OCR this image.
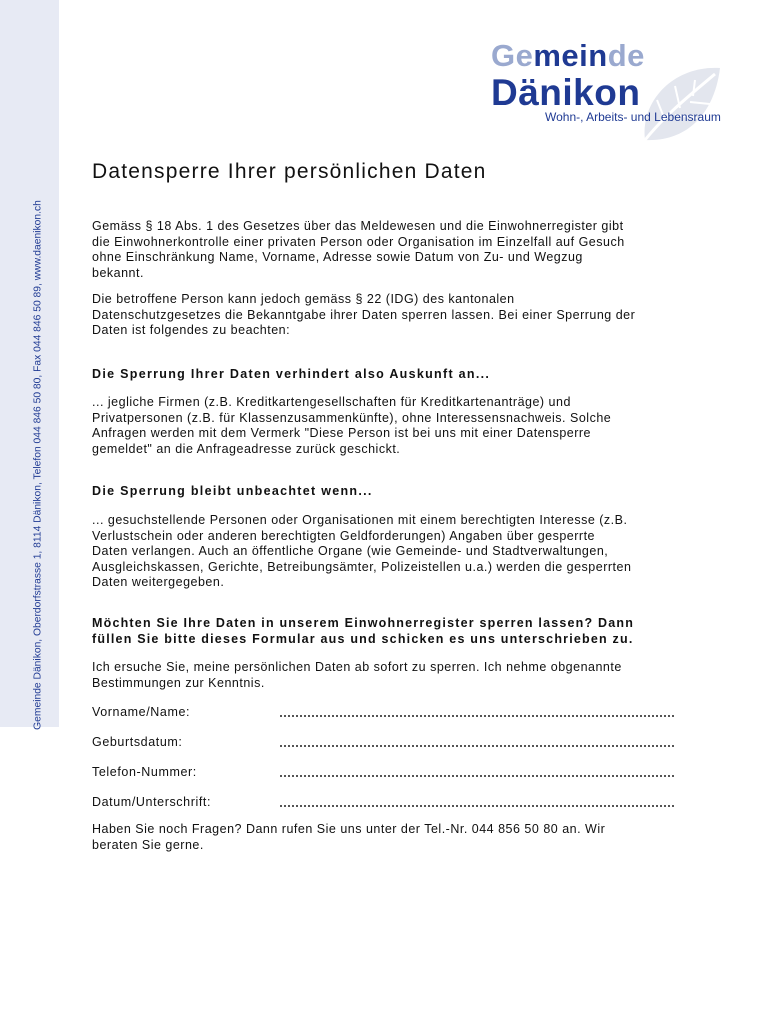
Gemeinde Dänikon, Oberdorfstrasse 1, 8114 Dänikon, Telefon 044 846 50 80, Fax 044 846 50 89, www.daenikon.ch
Gemeinde
Dänikon
Wohn-, Arbeits- und Lebensraum
Datensperre Ihrer persönlichen Daten
Gemäss § 18 Abs. 1 des Gesetzes über das Meldewesen und die Einwohnerregister gibt
die Einwohnerkontrolle einer privaten Person oder Organisation im Einzelfall auf Gesuch
ohne Einschränkung Name, Vorname, Adresse sowie Datum von Zu- und Wegzug
bekannt.
Die betroffene Person kann jedoch gemäss § 22 (IDG) des kantonalen
Datenschutzgesetzes die Bekanntgabe ihrer Daten sperren lassen. Bei einer Sperrung der
Daten ist folgendes zu beachten:
Die Sperrung Ihrer Daten verhindert also Auskunft an...
... jegliche Firmen (z.B. Kreditkartengesellschaften für Kreditkartenanträge) und
Privatpersonen (z.B. für Klassenzusammenkünfte), ohne Interessensnachweis. Solche
Anfragen werden mit dem Vermerk "Diese Person ist bei uns mit einer Datensperre
gemeldet" an die Anfrageadresse zurück geschickt.
Die Sperrung bleibt unbeachtet wenn...
... gesuchstellende Personen oder Organisationen mit einem berechtigten Interesse (z.B.
Verlustschein oder anderen berechtigten Geldforderungen) Angaben über gesperrte
Daten verlangen. Auch an öffentliche Organe (wie Gemeinde- und Stadtverwaltungen,
Ausgleichskassen, Gerichte, Betreibungsämter, Polizeistellen u.a.) werden die gesperrten
Daten weitergegeben.
Möchten Sie Ihre Daten in unserem Einwohnerregister sperren lassen? Dann
füllen Sie bitte dieses Formular aus und schicken es uns unterschrieben zu.
Ich ersuche Sie, meine persönlichen Daten ab sofort zu sperren. Ich nehme obgenannte
Bestimmungen zur Kenntnis.
Vorname/Name:
Geburtsdatum:
Telefon-Nummer:
Datum/Unterschrift:
Haben Sie noch Fragen? Dann rufen Sie uns unter der Tel.-Nr. 044 856 50 80 an. Wir
beraten Sie gerne.
